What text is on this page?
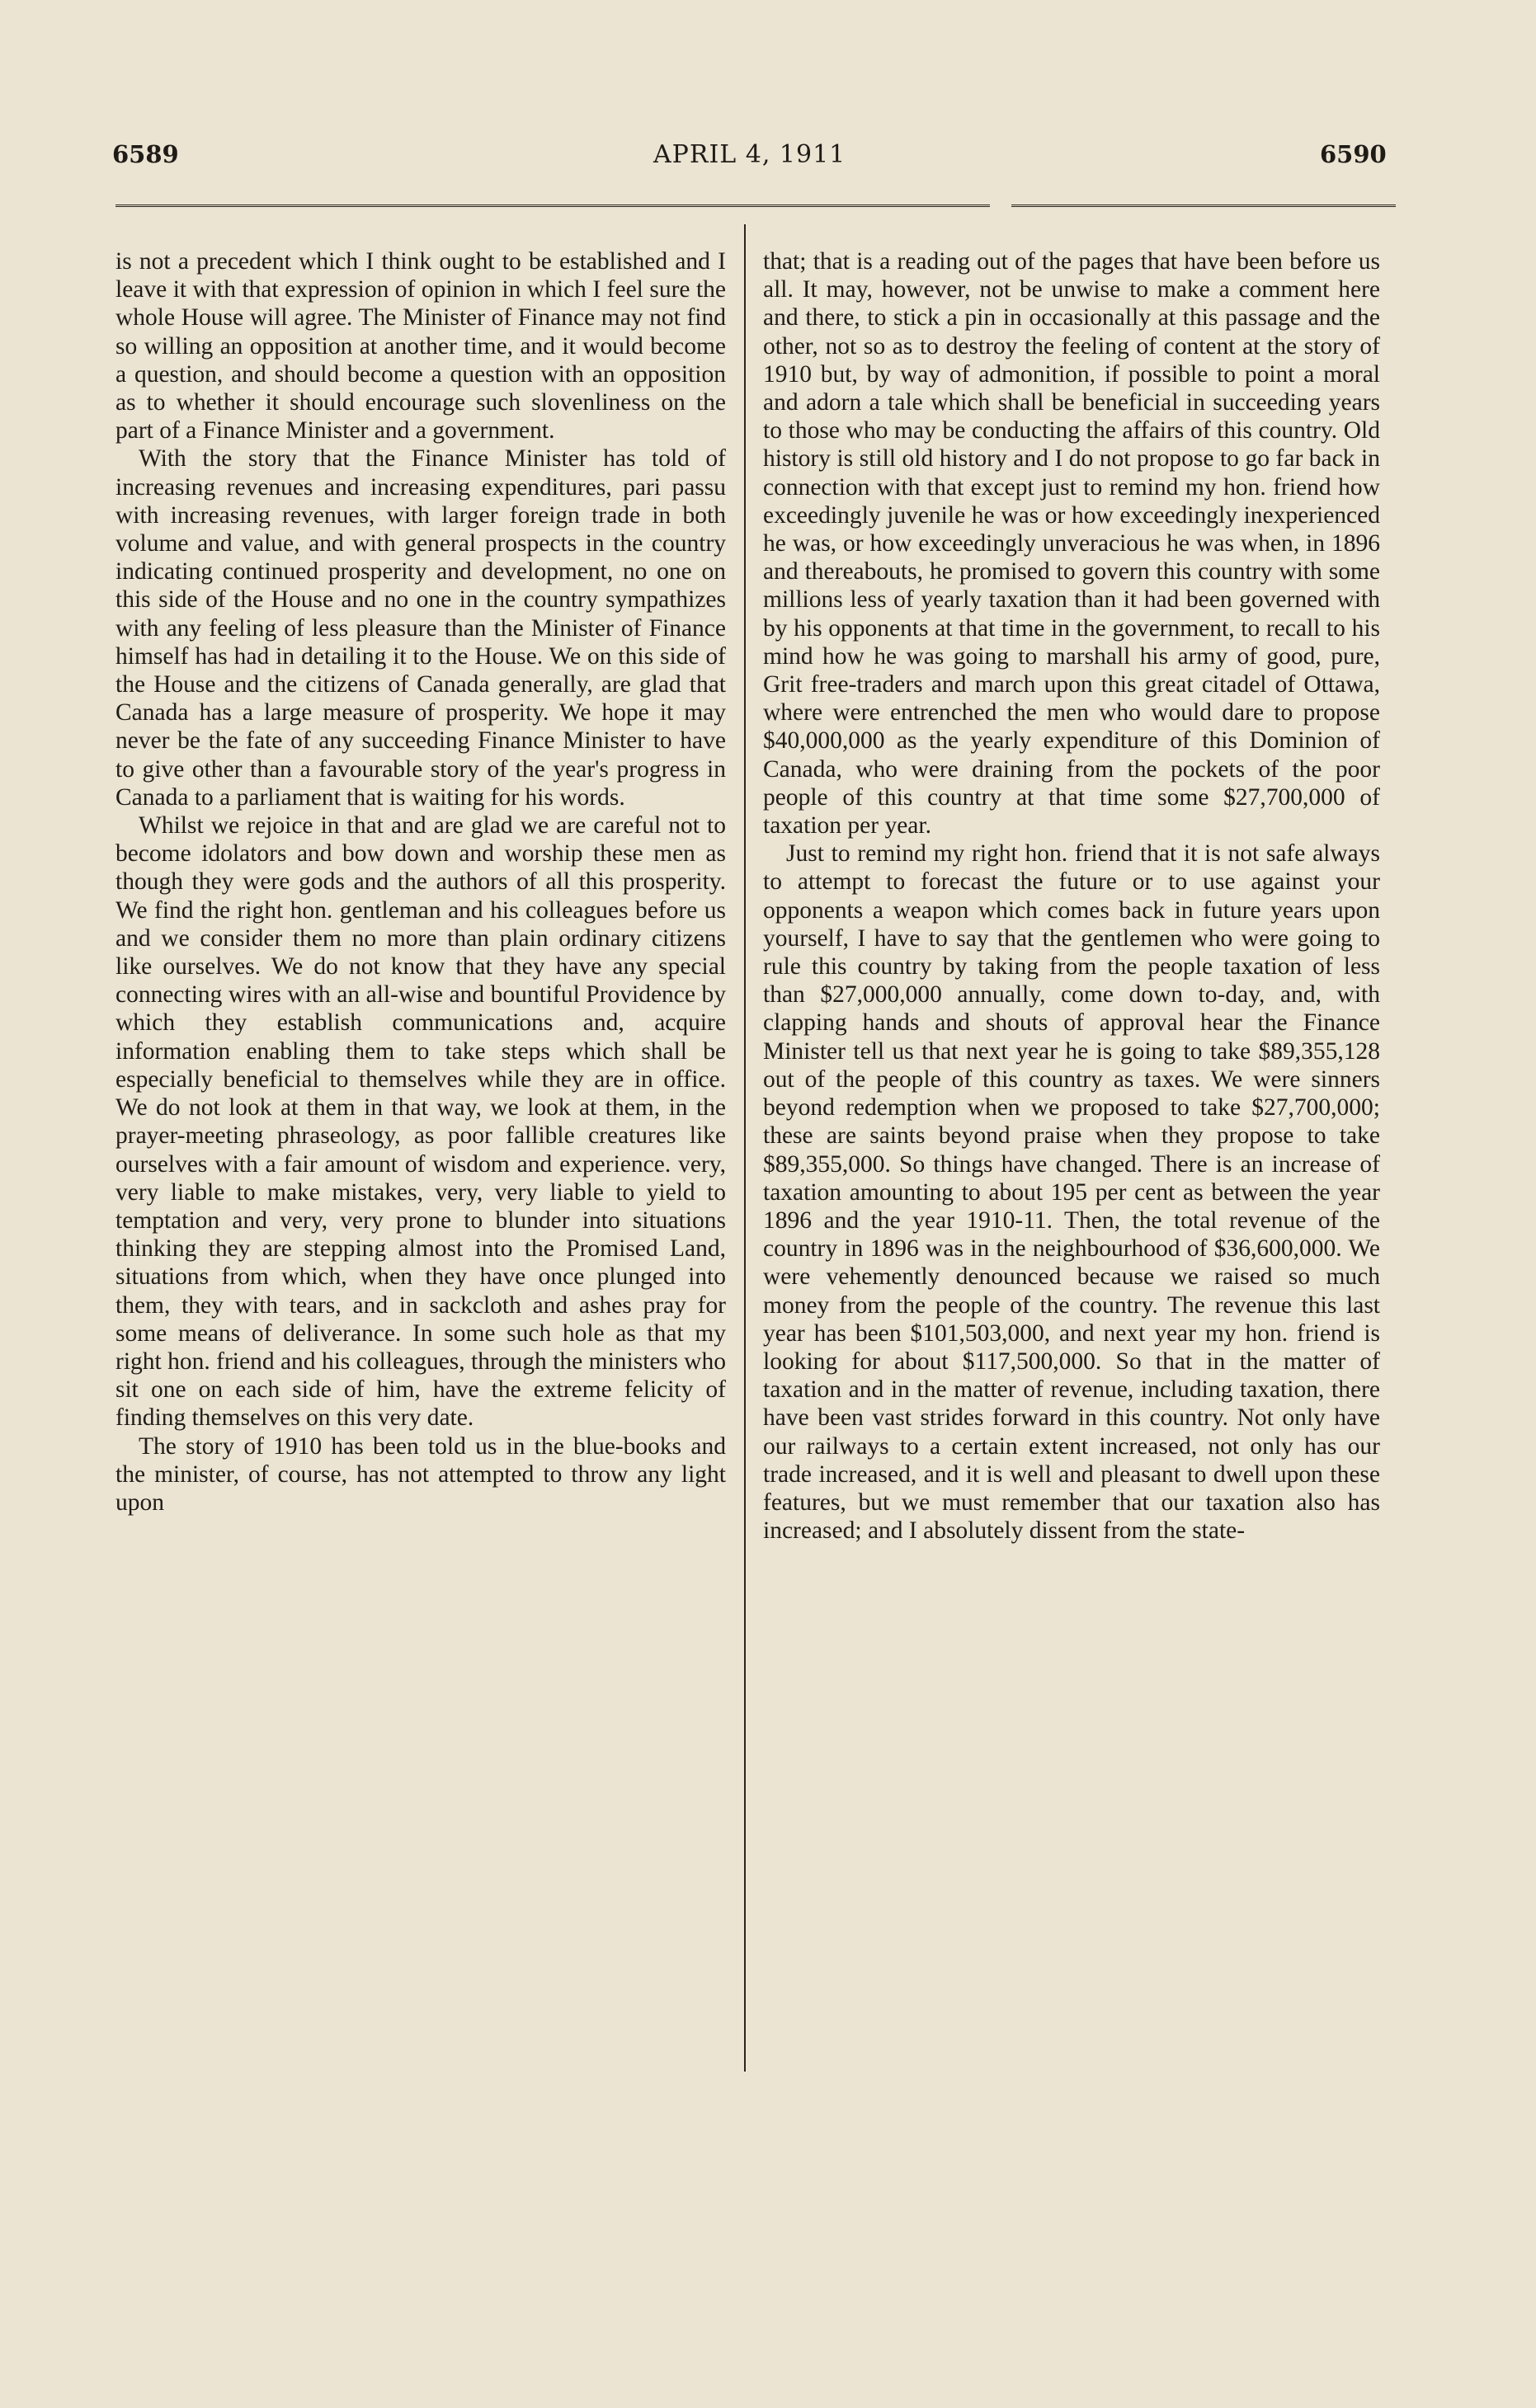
6589	APRIL 4, 1911	6590

is not a precedent which I think ought to be established and I leave it with that expression of opinion in which I feel sure the whole House will agree. The Minister of Finance may not find so willing an opposition at another time, and it would become a question, and should become a question with an opposition as to whether it should encourage such slovenliness on the part of a Finance Minister and a government.

With the story that the Finance Minister has told of increasing revenues and increasing expenditures, pari passu with increasing revenues, with larger foreign trade in both volume and value, and with general prospects in the country indicating continued prosperity and development, no one on this side of the House and no one in the country sympathizes with any feeling of less pleasure than the Minister of Finance himself has had in detailing it to the House. We on this side of the House and the citizens of Canada generally, are glad that Canada has a large measure of prosperity. We hope it may never be the fate of any succeeding Finance Minister to have to give other than a favourable story of the year's progress in Canada to a parliament that is waiting for his words.

Whilst we rejoice in that and are glad we are careful not to become idolators and bow down and worship these men as though they were gods and the authors of all this prosperity. We find the right hon. gentleman and his colleagues before us and we consider them no more than plain ordinary citizens like ourselves. We do not know that they have any special connecting wires with an all-wise and bountiful Providence by which they establish communications and, acquire information enabling them to take steps which shall be especially beneficial to themselves while they are in office. We do not look at them in that way, we look at them, in the prayer-meeting phraseology, as poor fallible creatures like ourselves with a fair amount of wisdom and experience. very, very liable to make mistakes, very, very liable to yield to temptation and very, very prone to blunder into situations thinking they are stepping almost into the Promised Land, situations from which, when they have once plunged into them, they with tears, and in sackcloth and ashes pray for some means of deliverance. In some such hole as that my right hon. friend and his colleagues, through the ministers who sit one on each side of him, have the extreme felicity of finding themselves on this very date.

The story of 1910 has been told us in the blue-books and the minister, of course, has not attempted to throw any light upon

that; that is a reading out of the pages that have been before us all. It may, however, not be unwise to make a comment here and there, to stick a pin in occasionally at this passage and the other, not so as to destroy the feeling of content at the story of 1910 but, by way of admonition, if possible to point a moral and adorn a tale which shall be beneficial in succeeding years to those who may be conducting the affairs of this country. Old history is still old history and I do not propose to go far back in connection with that except just to remind my hon. friend how exceedingly juvenile he was or how exceedingly inexperienced he was, or how exceedingly unveracious he was when, in 1896 and thereabouts, he promised to govern this country with some millions less of yearly taxation than it had been governed with by his opponents at that time in the government, to recall to his mind how he was going to marshall his army of good, pure, Grit free-traders and march upon this great citadel of Ottawa, where were entrenched the men who would dare to propose $40,000,000 as the yearly expenditure of this Dominion of Canada, who were draining from the pockets of the poor people of this country at that time some $27,700,000 of taxation per year.

Just to remind my right hon. friend that it is not safe always to attempt to forecast the future or to use against your opponents a weapon which comes back in future years upon yourself, I have to say that the gentlemen who were going to rule this country by taking from the people taxation of less than $27,000,000 annually, come down to-day, and, with clapping hands and shouts of approval hear the Finance Minister tell us that next year he is going to take $89,355,128 out of the people of this country as taxes. We were sinners beyond redemption when we proposed to take $27,700,000; these are saints beyond praise when they propose to take $89,355,000. So things have changed. There is an increase of taxation amounting to about 195 per cent as between the year 1896 and the year 1910-11. Then, the total revenue of the country in 1896 was in the neighbourhood of $36,600,000. We were vehemently denounced because we raised so much money from the people of the country. The revenue this last year has been $101,503,000, and next year my hon. friend is looking for about $117,500,000. So that in the matter of taxation and in the matter of revenue, including taxation, there have been vast strides forward in this country. Not only have our railways to a certain extent increased, not only has our trade increased, and it is well and pleasant to dwell upon these features, but we must remember that our taxation also has increased; and I absolutely dissent from the state-
